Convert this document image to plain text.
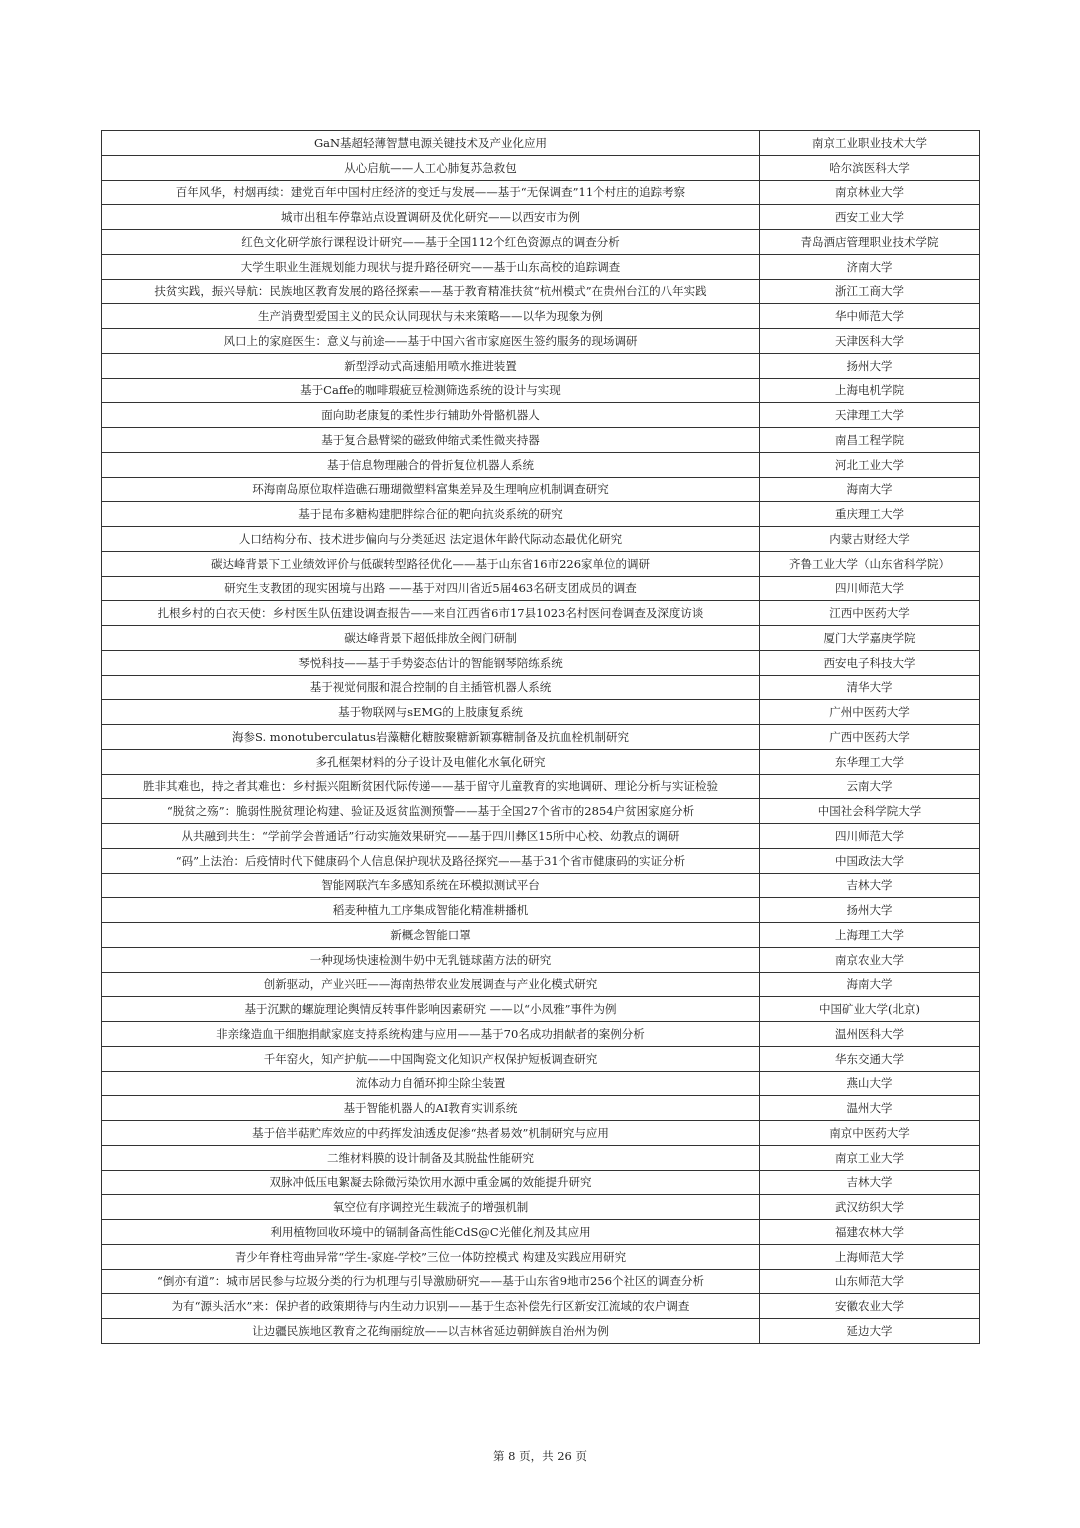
GaN基超轻薄智慧电源关键技术及产业化应用	南京工业职业技术大学
从心启航——人工心肺复苏急救包	哈尔滨医科大学
百年风华，村烟再续：建党百年中国村庄经济的变迁与发展——基于“无保调查”11个村庄的追踪考察	南京林业大学
城市出租车停靠站点设置调研及优化研究——以西安市为例	西安工业大学
红色文化研学旅行课程设计研究——基于全国112个红色资源点的调查分析	青岛酒店管理职业技术学院
大学生职业生涯规划能力现状与提升路径研究——基于山东高校的追踪调查	济南大学
扶贫实践，振兴导航：民族地区教育发展的路径探索——基于教育精准扶贫“杭州模式”在贵州台江的八年实践	浙江工商大学
生产消费型爱国主义的民众认同现状与未来策略——以华为现象为例	华中师范大学
风口上的家庭医生：意义与前途——基于中国六省市家庭医生签约服务的现场调研	天津医科大学
新型浮动式高速船用喷水推进装置	扬州大学
基于Caffe的咖啡瑕疵豆检测筛选系统的设计与实现	上海电机学院
面向助老康复的柔性步行辅助外骨骼机器人	天津理工大学
基于复合悬臂梁的磁致伸缩式柔性微夹持器	南昌工程学院
基于信息物理融合的骨折复位机器人系统	河北工业大学
环海南岛原位取样造礁石珊瑚微塑料富集差异及生理响应机制调查研究	海南大学
基于昆布多糖构建肥胖综合征的靶向抗炎系统的研究	重庆理工大学
人口结构分布、技术进步偏向与分类延迟 法定退休年龄代际动态最优化研究	内蒙古财经大学
碳达峰背景下工业绩效评价与低碳转型路径优化——基于山东省16市226家单位的调研	齐鲁工业大学（山东省科学院）
研究生支教团的现实困境与出路 ——基于对四川省近5届463名研支团成员的调查	四川师范大学
扎根乡村的白衣天使：乡村医生队伍建设调查报告——来自江西省6市17县1023名村医问卷调查及深度访谈	江西中医药大学
碳达峰背景下超低排放全阀门研制	厦门大学嘉庚学院
琴悦科技——基于手势姿态估计的智能钢琴陪练系统	西安电子科技大学
基于视觉伺服和混合控制的自主插管机器人系统	清华大学
基于物联网与sEMG的上肢康复系统	广州中医药大学
海参S. monotuberculatus岩藻糖化糖胺聚糖新颖寡糖制备及抗血栓机制研究	广西中医药大学
多孔框架材料的分子设计及电催化水氧化研究	东华理工大学
胜非其难也，持之者其难也：乡村振兴阻断贫困代际传递——基于留守儿童教育的实地调研、理论分析与实证检验	云南大学
“脱贫之殇”：脆弱性脱贫理论构建、验证及返贫监测预警——基于全国27个省市的2854户贫困家庭分析	中国社会科学院大学
从共融到共生：“学前学会普通话”行动实施效果研究——基于四川彝区15所中心校、幼教点的调研	四川师范大学
“码”上法治：后疫情时代下健康码个人信息保护现状及路径探究——基于31个省市健康码的实证分析	中国政法大学
智能网联汽车多感知系统在环模拟测试平台	吉林大学
稻麦种植九工序集成智能化精准耕播机	扬州大学
新概念智能口罩	上海理工大学
一种现场快速检测牛奶中无乳链球菌方法的研究	南京农业大学
创新驱动，产业兴旺——海南热带农业发展调查与产业化模式研究	海南大学
基于沉默的螺旋理论舆情反转事件影响因素研究 ——以“小凤雅”事件为例	中国矿业大学(北京)
非亲缘造血干细胞捐献家庭支持系统构建与应用——基于70名成功捐献者的案例分析	温州医科大学
千年窑火，知产护航——中国陶瓷文化知识产权保护短板调查研究	华东交通大学
流体动力自循环抑尘除尘装置	燕山大学
基于智能机器人的AI教育实训系统	温州大学
基于倍半萜贮库效应的中药挥发油透皮促渗“热者易效”机制研究与应用	南京中医药大学
二维材料膜的设计制备及其脱盐性能研究	南京工业大学
双脉冲低压电絮凝去除微污染饮用水源中重金属的效能提升研究	吉林大学
氧空位有序调控光生载流子的增强机制	武汉纺织大学
利用植物回收环境中的镉制备高性能CdS@C光催化剂及其应用	福建农林大学
青少年脊柱弯曲异常“学生-家庭-学校”三位一体防控模式 构建及实践应用研究	上海师范大学
“倒亦有道”：城市居民参与垃圾分类的行为机理与引导激励研究——基于山东省9地市256个社区的调查分析	山东师范大学
为有“源头活水”来：保护者的政策期待与内生动力识别——基于生态补偿先行区新安江流域的农户调查	安徽农业大学
让边疆民族地区教育之花绚丽绽放——以吉林省延边朝鲜族自治州为例	延边大学
第 8 页，共 26 页
